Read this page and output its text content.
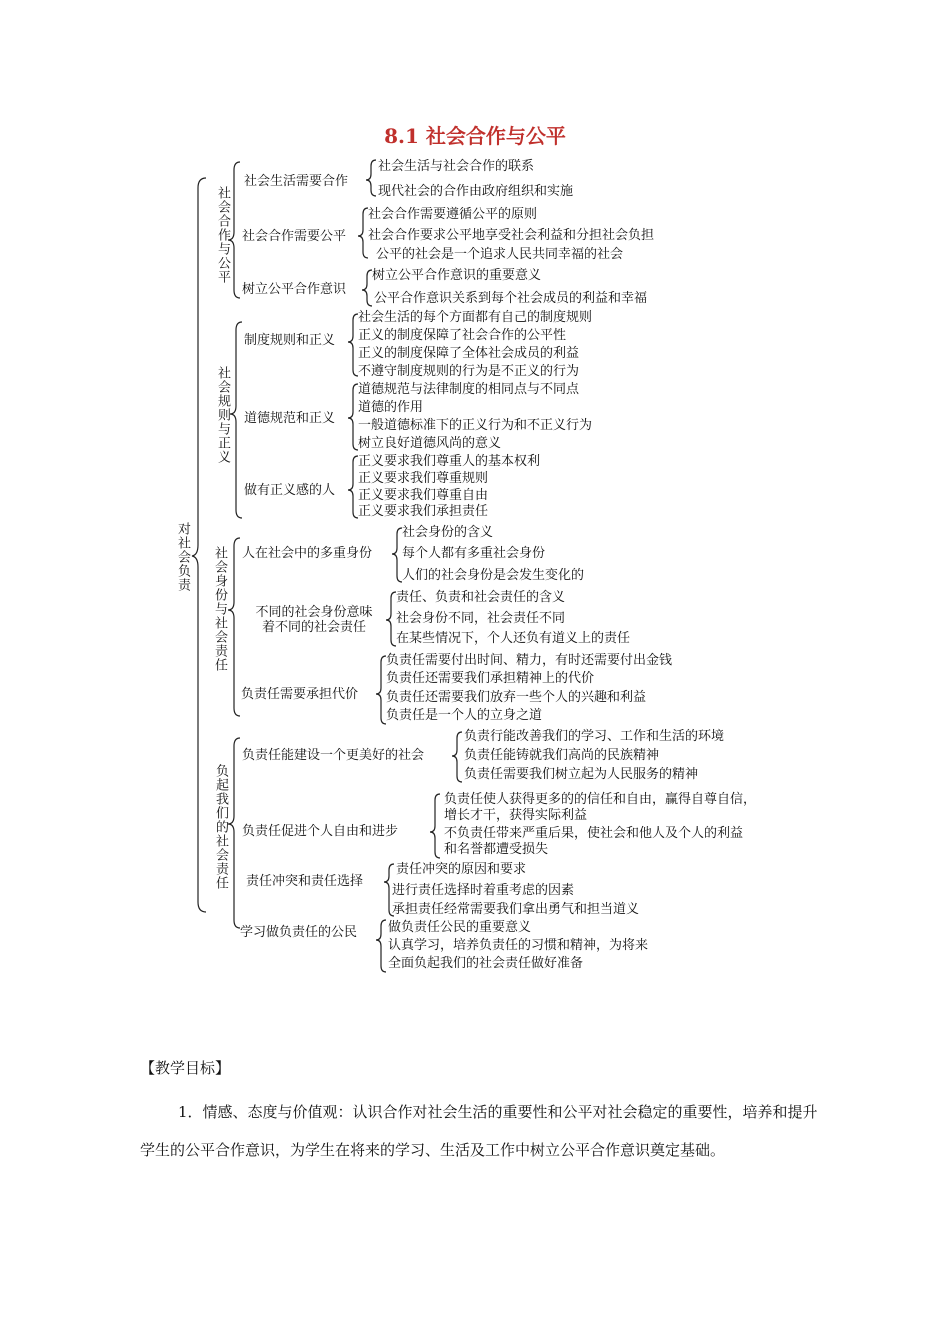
8.1 社会合作与公平
对社会负责
社会合作与公平
社会规则与正义
社会身份与社会责任
负起我们的社会责任
社会生活需要合作
社会合作需要公平
树立公平合作意识
社会生活与社会合作的联系
现代社会的合作由政府组织和实施
社会合作需要遵循公平的原则
社会合作要求公平地享受社会利益和分担社会负担
公平的社会是一个追求人民共同幸福的社会
树立公平合作意识的重要意义
公平合作意识关系到每个社会成员的利益和幸福
制度规则和正义
道德规范和正义
做有正义感的人
社会生活的每个方面都有自己的制度规则
正义的制度保障了社会合作的公平性
正义的制度保障了全体社会成员的利益
不遵守制度规则的行为是不正义的行为
道德规范与法律制度的相同点与不同点
道德的作用
一般道德标准下的正义行为和不正义行为
树立良好道德风尚的意义
正义要求我们尊重人的基本权利
正义要求我们尊重规则
正义要求我们尊重自由
正义要求我们承担责任
人在社会中的多重身份
不同的社会身份意味
着不同的社会责任
负责任需要承担代价
社会身份的含义
每个人都有多重社会身份
人们的社会身份是会发生变化的
责任、负责和社会责任的含义
社会身份不同，社会责任不同
在某些情况下，个人还负有道义上的责任
负责任需要付出时间、精力，有时还需要付出金钱
负责任还需要我们承担精神上的代价
负责任还需要我们放弃一些个人的兴趣和利益
负责任是一个人的立身之道
负责任能建设一个更美好的社会
负责任促进个人自由和进步
责任冲突和责任选择
学习做负责任的公民
负责行能改善我们的学习、工作和生活的环境
负责任能铸就我们高尚的民族精神
负责任需要我们树立起为人民服务的精神
负责任使人获得更多的的信任和自由，赢得自尊自信，
增长才干，获得实际利益
不负责任带来严重后果，使社会和他人及个人的利益
和名誉都遭受损失
责任冲突的原因和要求
进行责任选择时着重考虑的因素
承担责任经常需要我们拿出勇气和担当道义
做负责任公民的重要意义
认真学习，培养负责任的习惯和精神，为将来
全面负起我们的社会责任做好准备
【教学目标】
1．情感、态度与价值观：认识合作对社会生活的重要性和公平对社会稳定的重要性，培养和提升学生的公平合作意识，为学生在将来的学习、生活及工作中树立公平合作意识奠定基础。
